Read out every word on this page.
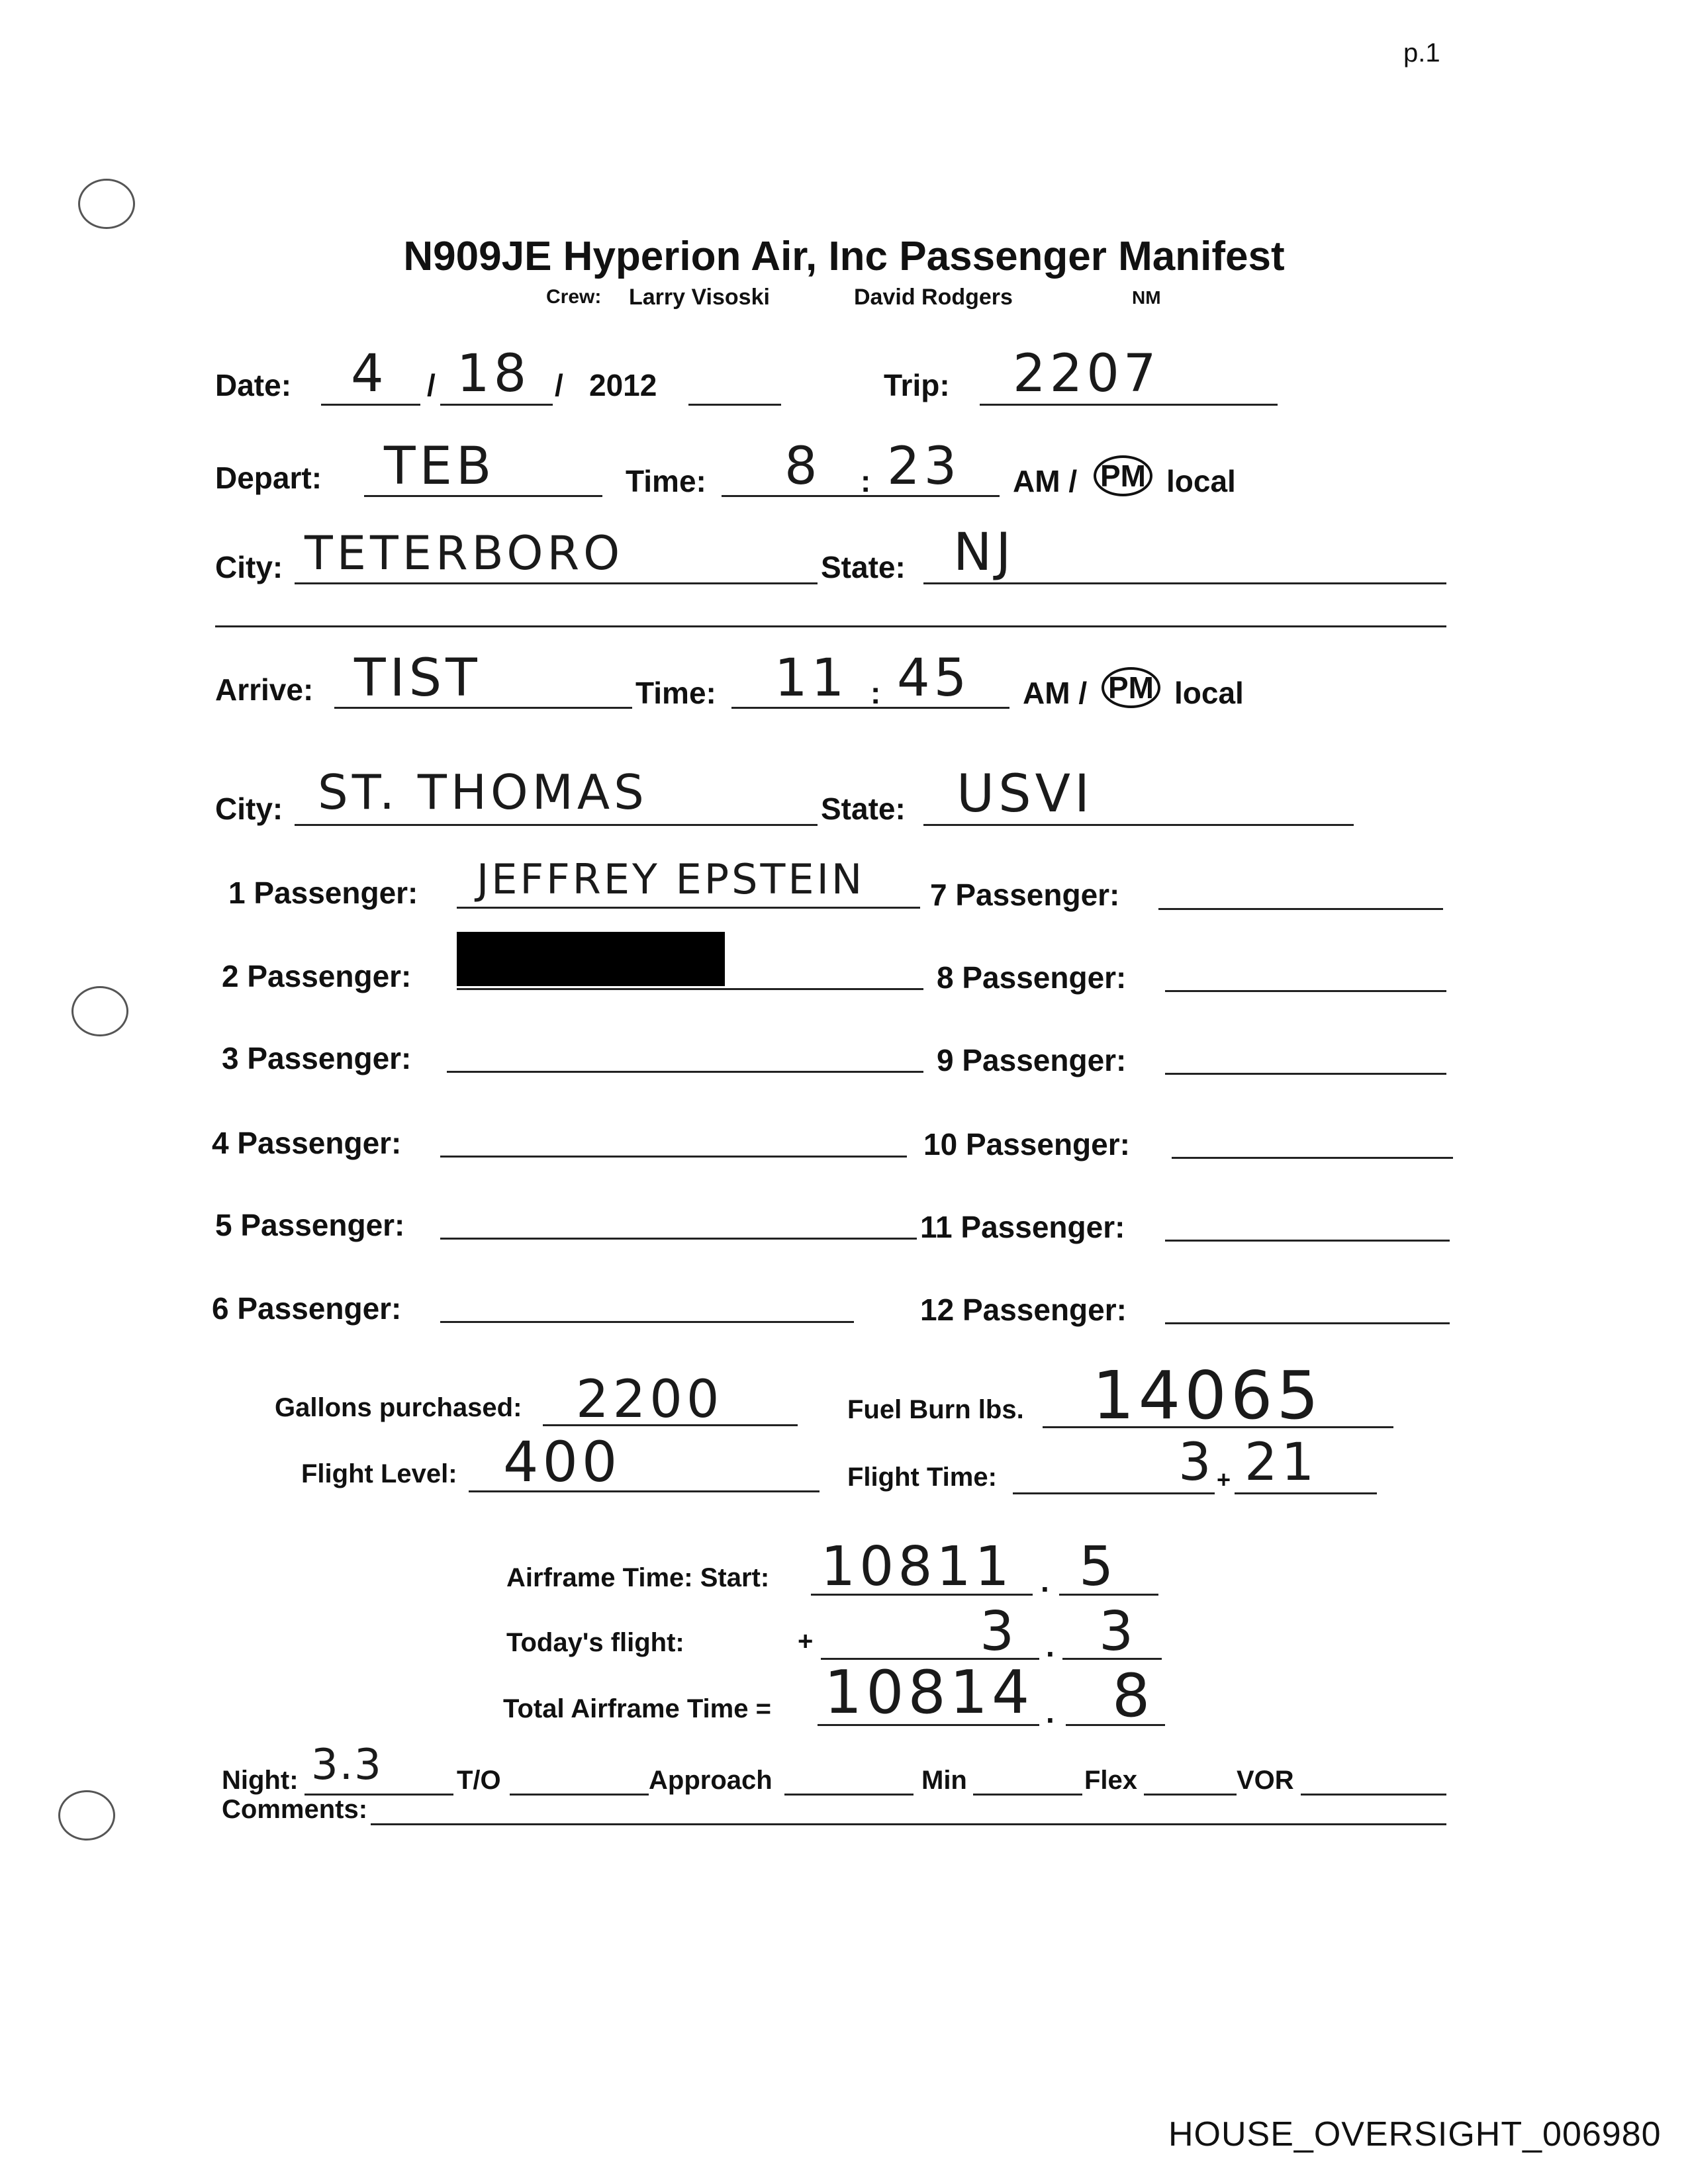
p.1
N909JE Hyperion Air, Inc Passenger Manifest
Crew: Larry Visoski	David Rodgers	NM
Date: 4 / 18 / 2012	Trip: 2207
Depart: TEB	Time: 8 : 23 AM / PM local
City: TETERBORO	State: NJ
Arrive: TIST	Time: 11 : 45 AM / PM local
City: ST. THOMAS	State: USVI
1 Passenger: JEFFREY EPSTEIN
2 Passenger:
3 Passenger:
4 Passenger:
5 Passenger:
6 Passenger:
7 Passenger:
8 Passenger:
9 Passenger:
10 Passenger:
11 Passenger:
12 Passenger:
Gallons purchased: 2200	Fuel Burn lbs. 14065
Flight Level: 400	Flight Time:	3 + 21
Airframe Time: Start: 10811 . 5
Today's flight:	+	3 . 3
Total Airframe Time = 10814 . 8
Night: 3.3	T/O	Approach	Min	Flex	VOR
Comments:
HOUSE_OVERSIGHT_006980
